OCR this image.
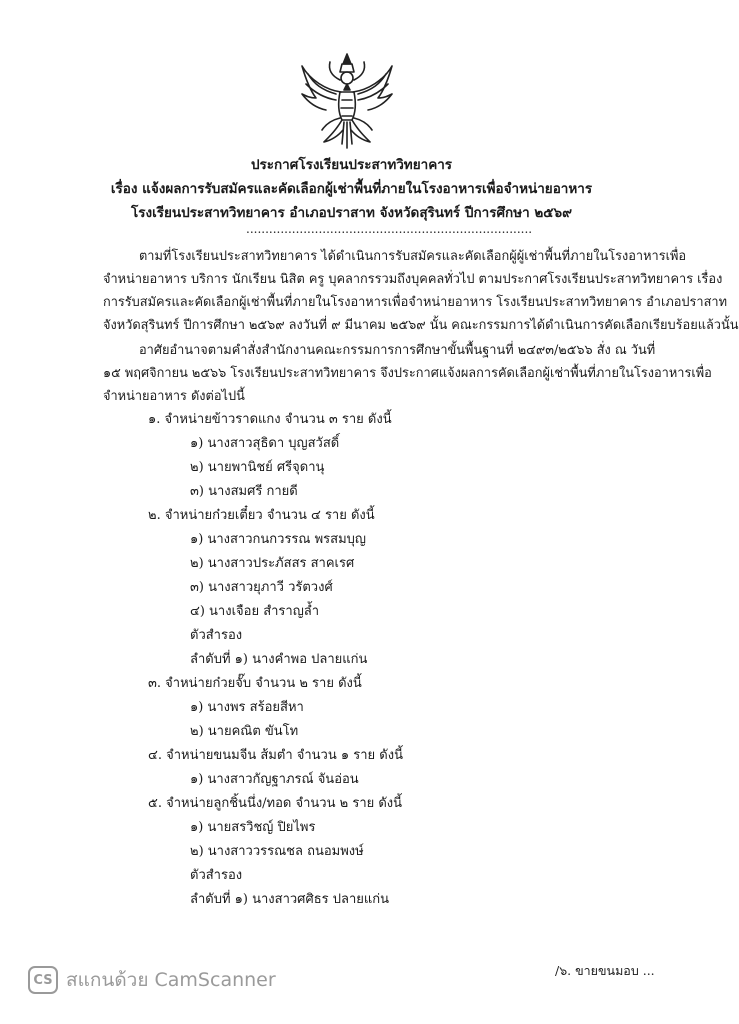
ประกาศโรงเรียนประสาทวิทยาคาร
เรื่อง แจ้งผลการรับสมัครและคัดเลือกผู้เช่าพื้นที่ภายในโรงอาหารเพื่อจำหน่ายอาหาร
โรงเรียนประสาทวิทยาคาร อำเภอปราสาท จังหวัดสุรินทร์ ปีการศึกษา ๒๕๖๙
...........................................................................
ตามที่โรงเรียนประสาทวิทยาคาร ได้ดำเนินการรับสมัครและคัดเลือกผู้ผู้เช่าพื้นที่ภายในโรงอาหารเพื่อ
จำหน่ายอาหาร บริการ นักเรียน นิสิต ครู บุคลากรรวมถึงบุคคลทั่วไป ตามประกาศโรงเรียนประสาทวิทยาคาร เรื่อง
การรับสมัครและคัดเลือกผู้เช่าพื้นที่ภายในโรงอาหารเพื่อจำหน่ายอาหาร โรงเรียนประสาทวิทยาคาร อำเภอปราสาท
จังหวัดสุรินทร์ ปีการศึกษา ๒๕๖๙ ลงวันที่ ๙ มีนาคม ๒๕๖๙ นั้น คณะกรรมการได้ดำเนินการคัดเลือกเรียบร้อยแล้วนั้น
อาศัยอำนาจตามคำสั่งสำนักงานคณะกรรมการการศึกษาขั้นพื้นฐานที่ ๒๔๙๓/๒๕๖๖ สั่ง ณ วันที่
๑๕ พฤศจิกายน ๒๕๖๖ โรงเรียนประสาทวิทยาคาร จึงประกาศแจ้งผลการคัดเลือกผู้เช่าพื้นที่ภายในโรงอาหารเพื่อ
จำหน่ายอาหาร ดังต่อไปนี้
๑. จำหน่ายข้าวราดแกง จำนวน ๓ ราย ดังนี้
๑) นางสาวสุธิดา บุญสวัสดิ์
๒) นายพานิชย์ ศรีจุดานุ
๓) นางสมศรี กายดี
๒. จำหน่ายก๋วยเตี๋ยว จำนวน ๔ ราย ดังนี้
๑) นางสาวกนกวรรณ พรสมบุญ
๒) นางสาวประภัสสร สาคเรศ
๓) นางสาวยุภาวี วรัตวงศ์
๔) นางเจือย สำราญล้ำ
ตัวสำรอง
ลำดับที่ ๑) นางคำพอ ปลายแก่น
๓. จำหน่ายก๋วยจั๊บ จำนวน ๒ ราย ดังนี้
๑) นางพร สร้อยสีหา
๒) นายคณิต ขันโท
๔. จำหน่ายขนมจีน ส้มตำ จำนวน ๑ ราย ดังนี้
๑) นางสาวกัญฐาภรณ์ จันอ่อน
๕. จำหน่ายลูกชิ้นนึ่ง/ทอด จำนวน ๒ ราย ดังนี้
๑) นายสรวิชญ์ ปิยไพร
๒) นางสาววรรณชล ถนอมพงษ์
ตัวสำรอง
ลำดับที่ ๑) นางสาวศศิธร ปลายแก่น
/๖. ขายขนมอบ ...
CS สแกนด้วย CamScanner
